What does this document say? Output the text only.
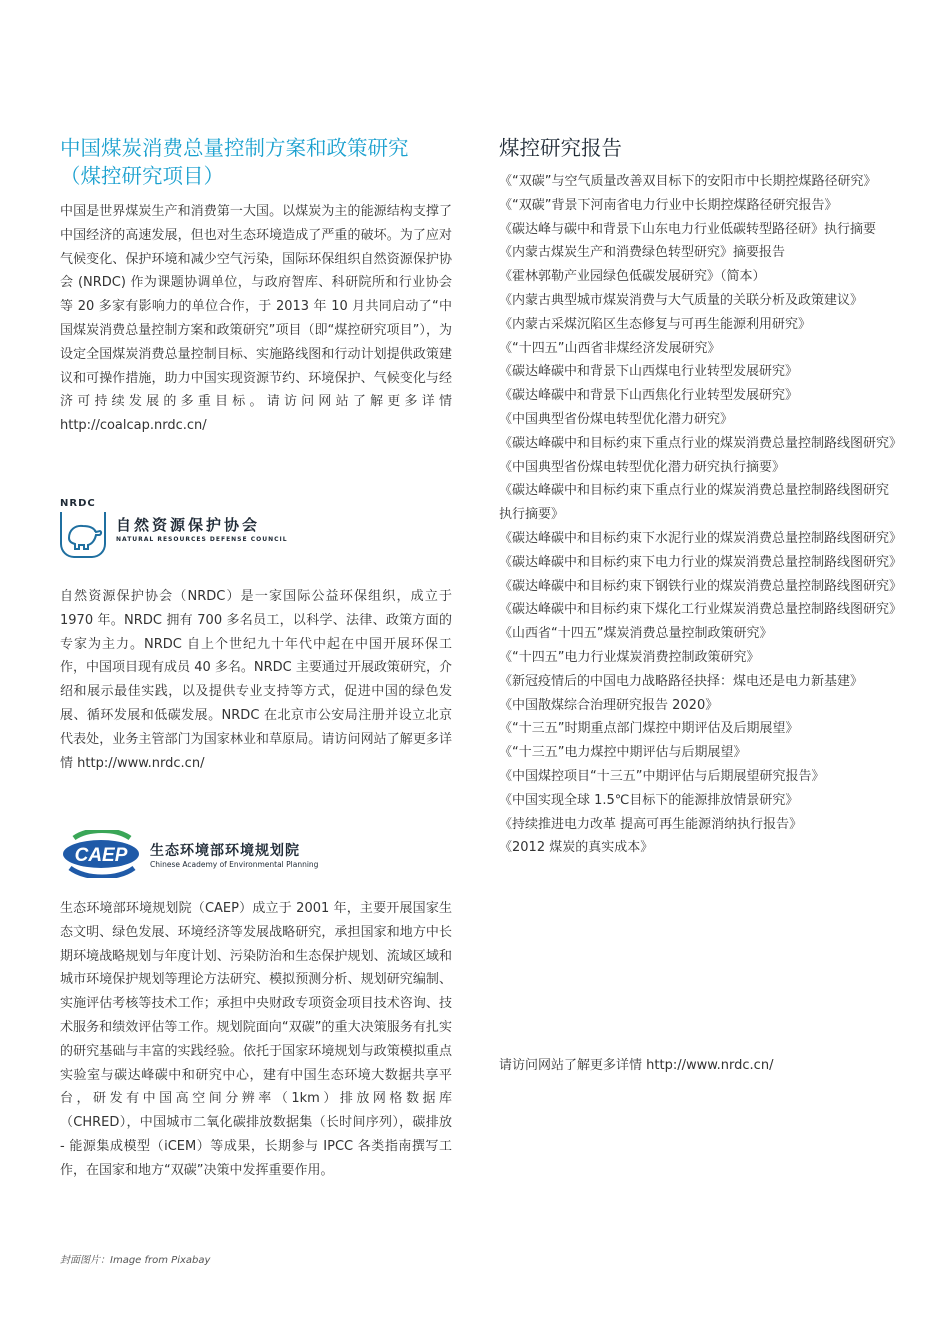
中国煤炭消费总量控制方案和政策研究
（煤控研究项目）

中国是世界煤炭生产和消费第一大国。以煤炭为主的能源结构支撑了中国经济的高速发展，但也对生态环境造成了严重的破坏。为了应对气候变化、保护环境和减少空气污染，国际环保组织自然资源保护协会 (NRDC) 作为课题协调单位，与政府智库、科研院所和行业协会等 20 多家有影响力的单位合作，于 2013 年 10 月共同启动了“中国煤炭消费总量控制方案和政策研究”项目（即“煤控研究项目”），为设定全国煤炭消费总量控制目标、实施路线图和行动计划提供政策建议和可操作措施，助力中国实现资源节约、环境保护、气候变化与经济可持续发展的多重目标。请访问网站了解更多详情 http://coalcap.nrdc.cn/

NRDC
自然资源保护协会
NATURAL RESOURCES DEFENSE COUNCIL

自然资源保护协会（NRDC）是一家国际公益环保组织，成立于 1970 年。NRDC 拥有 700 多名员工，以科学、法律、政策方面的专家为主力。NRDC 自上个世纪九十年代中起在中国开展环保工作，中国项目现有成员 40 多名。NRDC 主要通过开展政策研究，介绍和展示最佳实践，以及提供专业支持等方式，促进中国的绿色发展、循环发展和低碳发展。NRDC 在北京市公安局注册并设立北京代表处，业务主管部门为国家林业和草原局。请访问网站了解更多详情 http://www.nrdc.cn/

CAEP 生态环境部环境规划院
Chinese Academy of Environmental Planning

生态环境部环境规划院（CAEP）成立于 2001 年，主要开展国家生态文明、绿色发展、环境经济等发展战略研究，承担国家和地方中长期环境战略规划与年度计划、污染防治和生态保护规划、流域区域和城市环境保护规划等理论方法研究、模拟预测分析、规划研究编制、实施评估考核等技术工作；承担中央财政专项资金项目技术咨询、技术服务和绩效评估等工作。规划院面向“双碳”的重大决策服务有扎实的研究基础与丰富的实践经验。依托于国家环境规划与政策模拟重点实验室与碳达峰碳中和研究中心，建有中国生态环境大数据共享平台，研发有中国高空间分辨率（1km）排放网格数据库（CHRED），中国城市二氧化碳排放数据集（长时间序列），碳排放 - 能源集成模型（iCEM）等成果，长期参与 IPCC 各类指南撰写工作，在国家和地方“双碳”决策中发挥重要作用。

封面图片：Image from Pixabay

煤控研究报告
《“双碳”与空气质量改善双目标下的安阳市中长期控煤路径研究》
《“双碳”背景下河南省电力行业中长期控煤路径研究报告》
《碳达峰与碳中和背景下山东电力行业低碳转型路径研》执行摘要
《内蒙古煤炭生产和消费绿色转型研究》摘要报告
《霍林郭勒产业园绿色低碳发展研究》（简本）
《内蒙古典型城市煤炭消费与大气质量的关联分析及政策建议》
《内蒙古采煤沉陷区生态修复与可再生能源利用研究》
《“十四五”山西省非煤经济发展研究》
《碳达峰碳中和背景下山西煤电行业转型发展研究》
《碳达峰碳中和背景下山西焦化行业转型发展研究》
《中国典型省份煤电转型优化潜力研究》
《碳达峰碳中和目标约束下重点行业的煤炭消费总量控制路线图研究》
《中国典型省份煤电转型优化潜力研究执行摘要》
《碳达峰碳中和目标约束下重点行业的煤炭消费总量控制路线图研究执行摘要》
《碳达峰碳中和目标约束下水泥行业的煤炭消费总量控制路线图研究》
《碳达峰碳中和目标约束下电力行业的煤炭消费总量控制路线图研究》
《碳达峰碳中和目标约束下钢铁行业的煤炭消费总量控制路线图研究》
《碳达峰碳中和目标约束下煤化工行业煤炭消费总量控制路线图研究》
《山西省“十四五”煤炭消费总量控制政策研究》
《“十四五”电力行业煤炭消费控制政策研究》
《新冠疫情后的中国电力战略路径抉择：煤电还是电力新基建》
《中国散煤综合治理研究报告 2020》
《“十三五”时期重点部门煤控中期评估及后期展望》
《“十三五”电力煤控中期评估与后期展望》
《中国煤控项目“十三五”中期评估与后期展望研究报告》
《中国实现全球 1.5℃目标下的能源排放情景研究》
《持续推进电力改革 提高可再生能源消纳执行报告》
《2012 煤炭的真实成本》

请访问网站了解更多详情 http://www.nrdc.cn/
